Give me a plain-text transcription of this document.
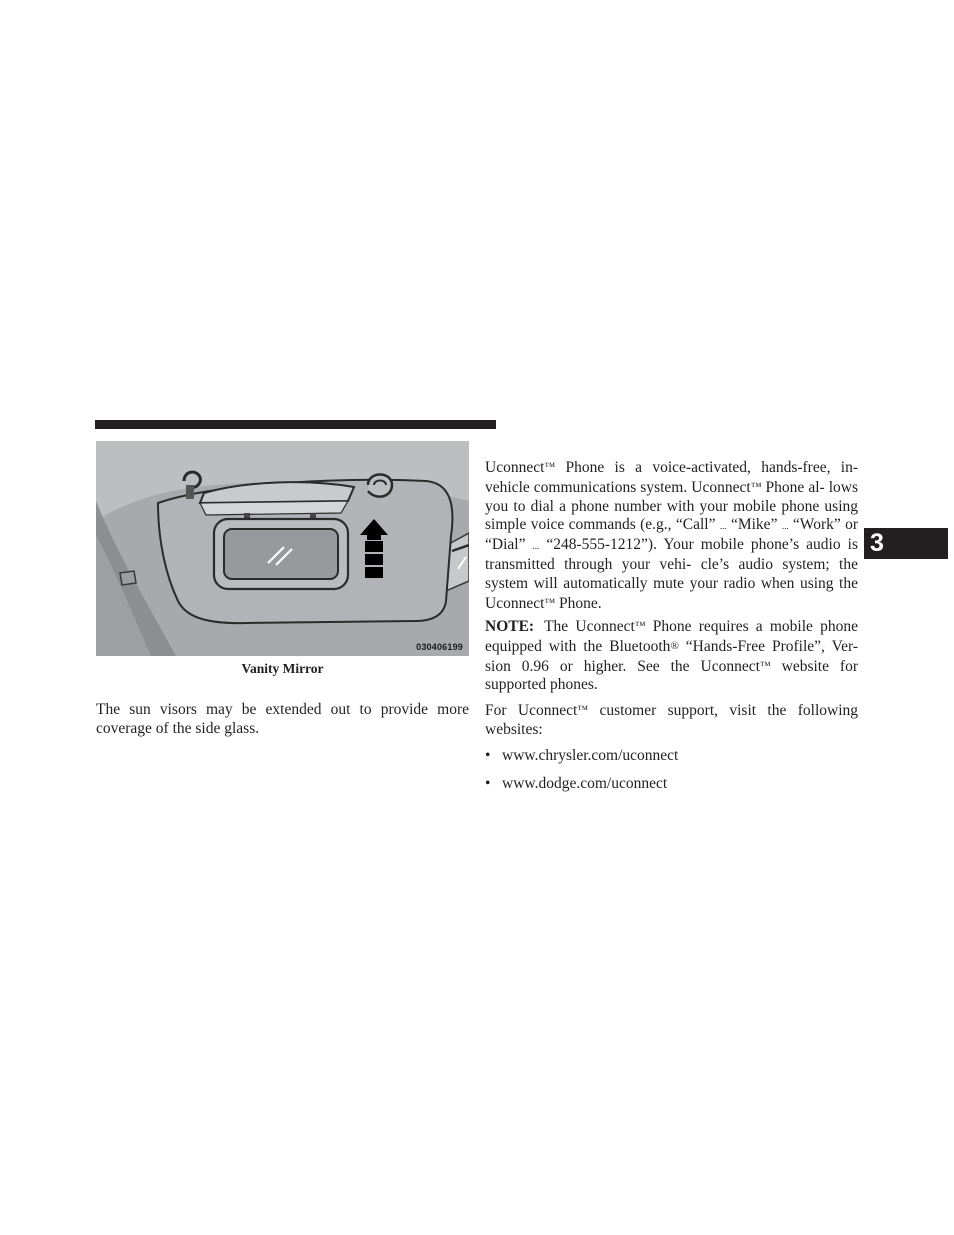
030406199
Vanity Mirror

The sun visors may be extended out to provide more coverage of the side glass.

Uconnect™ Phone is a voice-activated, hands-free, in- vehicle communications system. Uconnect™ Phone al- lows you to dial a phone number with your mobile phone using simple voice commands (e.g., “Call” ... “Mike” ... “Work” or “Dial” ... “248-555-1212”). Your mobile phone’s audio is transmitted through your vehi- cle’s audio system; the system will automatically mute your radio when using the Uconnect™ Phone.

NOTE: The Uconnect™ Phone requires a mobile phone equipped with the Bluetooth® “Hands-Free Profile”, Ver- sion 0.96 or higher. See the Uconnect™ website for supported phones.

For Uconnect™ customer support, visit the following websites:

• www.chrysler.com/uconnect
• www.dodge.com/uconnect
3
